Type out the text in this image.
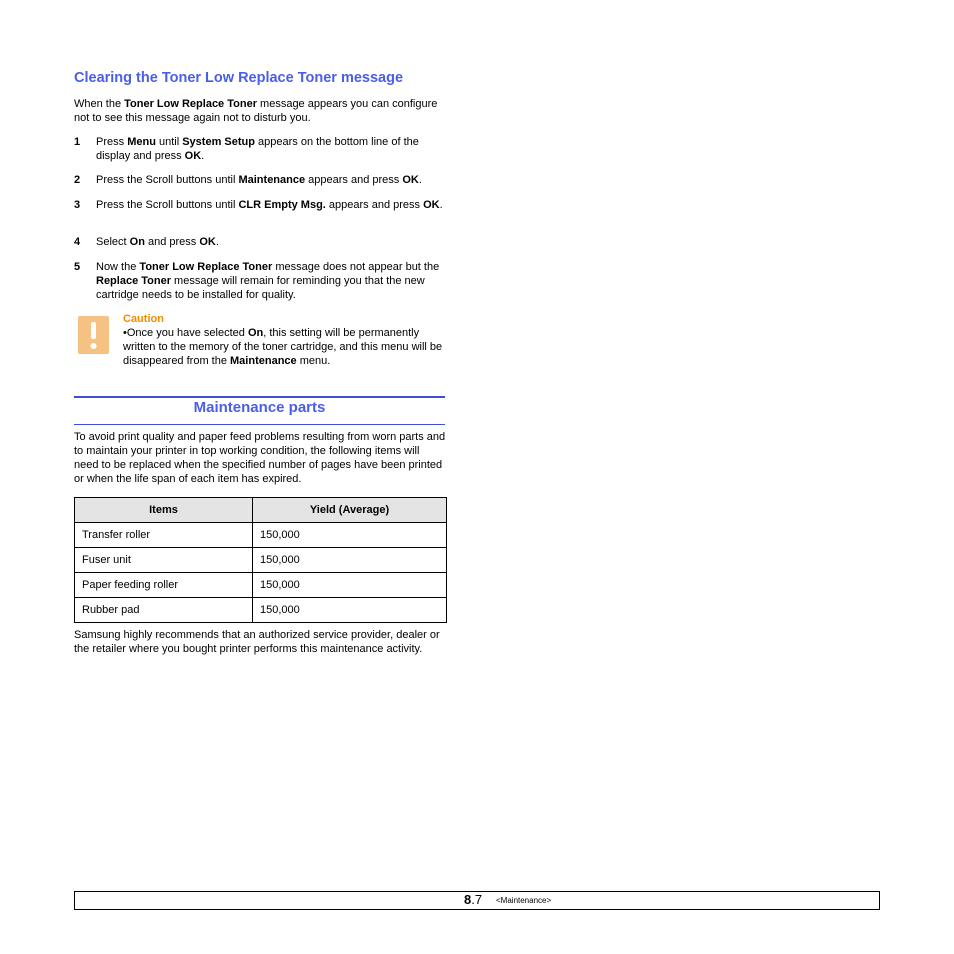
Clearing the Toner Low Replace Toner message
When the Toner Low Replace Toner message appears you can configure not to see this message again not to disturb you.
1 Press Menu until System Setup appears on the bottom line of the display and press OK.
2 Press the Scroll buttons until Maintenance appears and press OK.
3 Press the Scroll buttons until CLR Empty Msg. appears and press OK.
4 Select On and press OK.
5 Now the Toner Low Replace Toner message does not appear but the Replace Toner message will remain for reminding you that the new cartridge needs to be installed for quality.
Caution
•Once you have selected On, this setting will be permanently written to the memory of the toner cartridge, and this menu will be disappeared from the Maintenance menu.
Maintenance parts
To avoid print quality and paper feed problems resulting from worn parts and to maintain your printer in top working condition, the following items will need to be replaced when the specified number of pages have been printed or when the life span of each item has expired.
Items	Yield (Average)
Transfer roller	150,000
Fuser unit	150,000
Paper feeding roller	150,000
Rubber pad	150,000
Samsung highly recommends that an authorized service provider, dealer or the retailer where you bought printer performs this maintenance activity.
8.7 <Maintenance>
